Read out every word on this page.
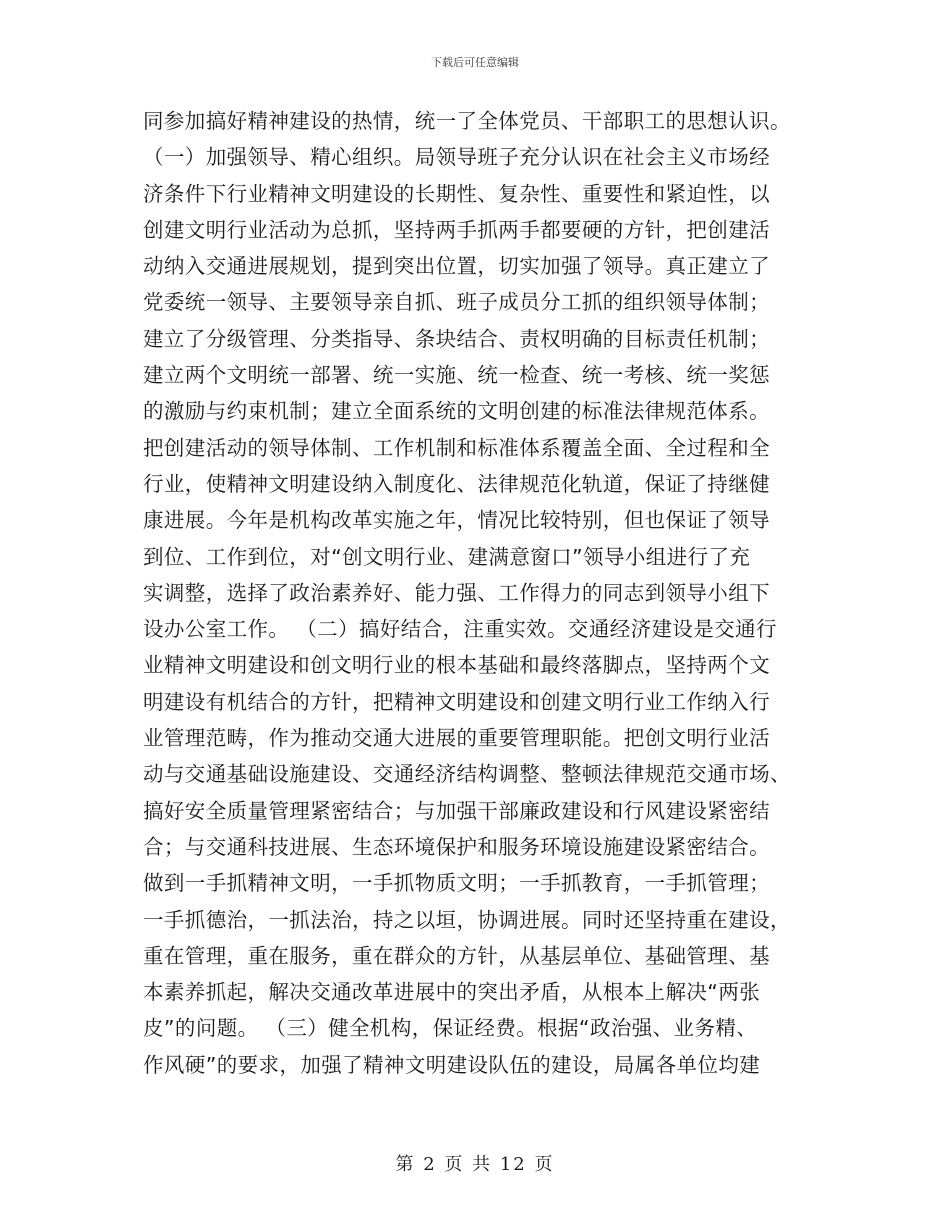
下载后可任意编辑
同参加搞好精神建设的热情，统一了全体党员、干部职工的思想认识。
（一）加强领导、精心组织。局领导班子充分认识在社会主义市场经
济条件下行业精神文明建设的长期性、复杂性、重要性和紧迫性，以
创建文明行业活动为总抓，坚持两手抓两手都要硬的方针，把创建活
动纳入交通进展规划，提到突出位置，切实加强了领导。真正建立了
党委统一领导、主要领导亲自抓、班子成员分工抓的组织领导体制；
建立了分级管理、分类指导、条块结合、责权明确的目标责任机制；
建立两个文明统一部署、统一实施、统一检查、统一考核、统一奖惩
的激励与约束机制；建立全面系统的文明创建的标准法律规范体系。
把创建活动的领导体制、工作机制和标准体系覆盖全面、全过程和全
行业，使精神文明建设纳入制度化、法律规范化轨道，保证了持继健
康进展。今年是机构改革实施之年，情况比较特别，但也保证了领导
到位、工作到位，对“创文明行业、建满意窗口”领导小组进行了充
实调整，选择了政治素养好、能力强、工作得力的同志到领导小组下
设办公室工作。 （二）搞好结合，注重实效。交通经济建设是交通行
业精神文明建设和创文明行业的根本基础和最终落脚点，坚持两个文
明建设有机结合的方针，把精神文明建设和创建文明行业工作纳入行
业管理范畴，作为推动交通大进展的重要管理职能。把创文明行业活
动与交通基础设施建设、交通经济结构调整、整顿法律规范交通市场、
搞好安全质量管理紧密结合；与加强干部廉政建设和行风建设紧密结
合；与交通科技进展、生态环境保护和服务环境设施建设紧密结合。
做到一手抓精神文明，一手抓物质文明；一手抓教育，一手抓管理；
一手抓德治，一抓法治，持之以垣，协调进展。同时还坚持重在建设，
重在管理，重在服务，重在群众的方针，从基层单位、基础管理、基
本素养抓起，解决交通改革进展中的突出矛盾，从根本上解决“两张
皮”的问题。 （三）健全机构，保证经费。根据“政治强、业务精、
作风硬”的要求，加强了精神文明建设队伍的建设，局属各单位均建
第 2 页 共 12 页
